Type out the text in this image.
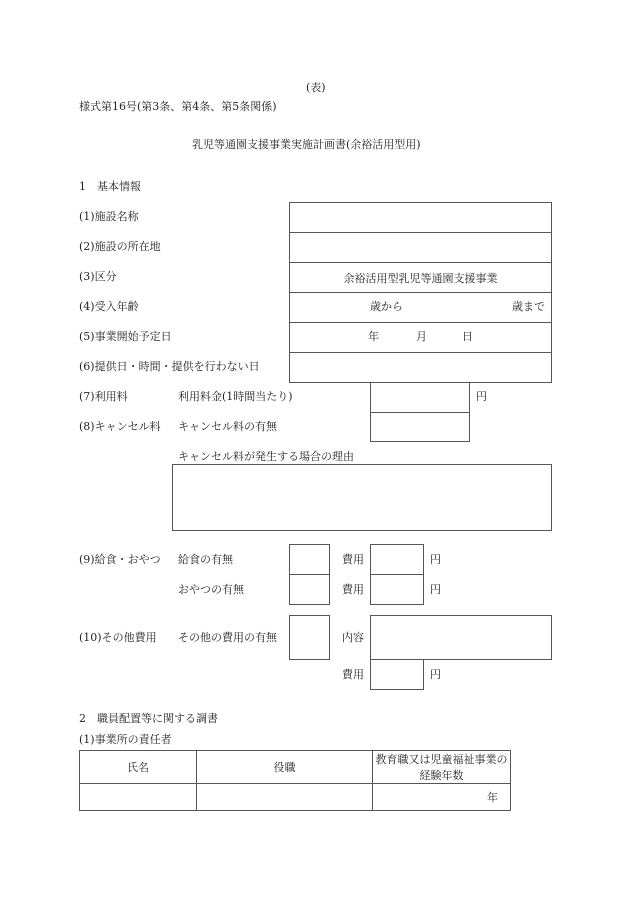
(表)
様式第16号(第3条、第4条、第5条関係)
乳児等通園支援事業実施計画書(余裕活用型用)
1　基本情報
(1)施設名称
(2)施設の所在地
(3)区分	余裕活用型乳児等通園支援事業
(4)受入年齢	歳から	歳まで
(5)事業開始予定日	年	月	日
(6)提供日・時間・提供を行わない日
(7)利用料	利用料金(1時間当たり)	円
(8)キャンセル料 キャンセル料の有無
キャンセル料が発生する場合の理由
(9)給食・おやつ 給食の有無	費用	円
おやつの有無	費用	円
(10)その他費用 その他の費用の有無	内容
費用	円
2　職員配置等に関する調書
(1)事業所の責任者
氏名	役職	教育職又は児童福祉事業の経験年数
		年
